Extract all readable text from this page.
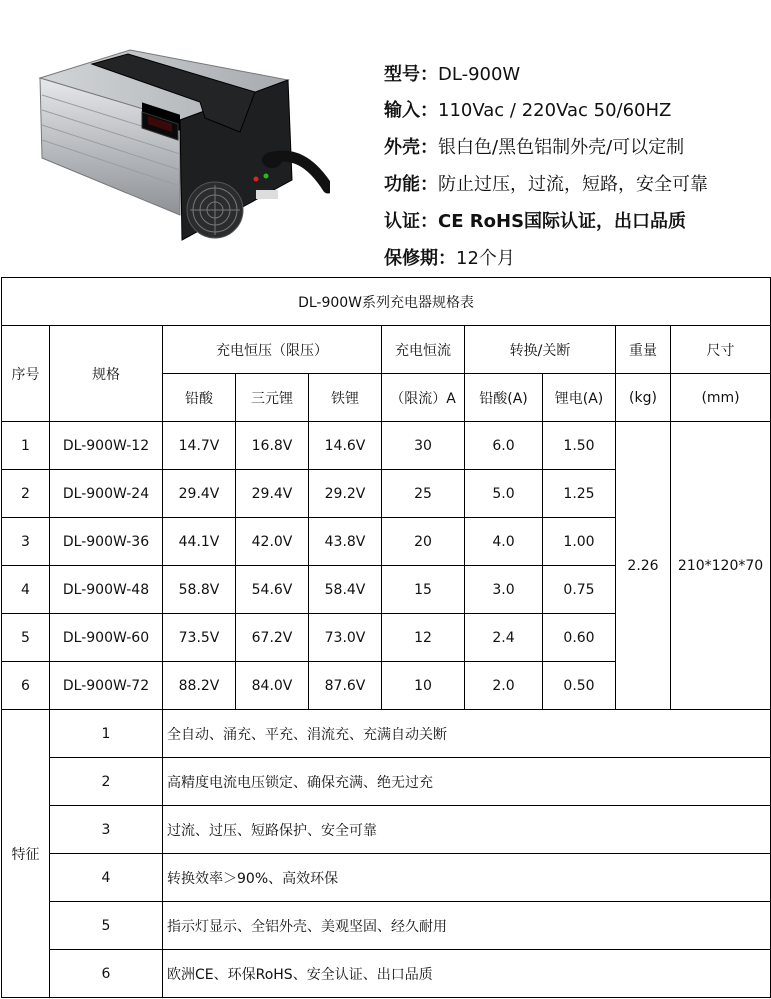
型号：DL-900W
输入：110Vac / 220Vac 50/60HZ
外壳：银白色/黑色铝制外壳/可以定制
功能：防止过压，过流，短路，安全可靠
认证：CE RoHS国际认证，出口品质
保修期：12个月
DL-900W系列充电器规格表									
序号	规格	充电恒压（限压）			充电恒流	转换/关断		重量	尺寸
		铅酸	三元锂	铁锂	（限流）A	铅酸(A)	锂电(A)	(kg)	(mm)
1	DL-900W-12	14.7V	16.8V	14.6V	30	6.0	1.50	2.26	210*120*70
2	DL-900W-24	29.4V	29.4V	29.2V	25	5.0	1.25		
3	DL-900W-36	44.1V	42.0V	43.8V	20	4.0	1.00		
4	DL-900W-48	58.8V	54.6V	58.4V	15	3.0	0.75		
5	DL-900W-60	73.5V	67.2V	73.0V	12	2.4	0.60		
6	DL-900W-72	88.2V	84.0V	87.6V	10	2.0	0.50		
特征	1	全自动、涌充、平充、涓流充、充满自动关断							
	2	高精度电流电压锁定、确保充满、绝无过充							
	3	过流、过压、短路保护、安全可靠							
	4	转换效率＞90%、高效环保							
	5	指示灯显示、全铝外壳、美观坚固、经久耐用							
	6	欧洲CE、环保RoHS、安全认证、出口品质							
